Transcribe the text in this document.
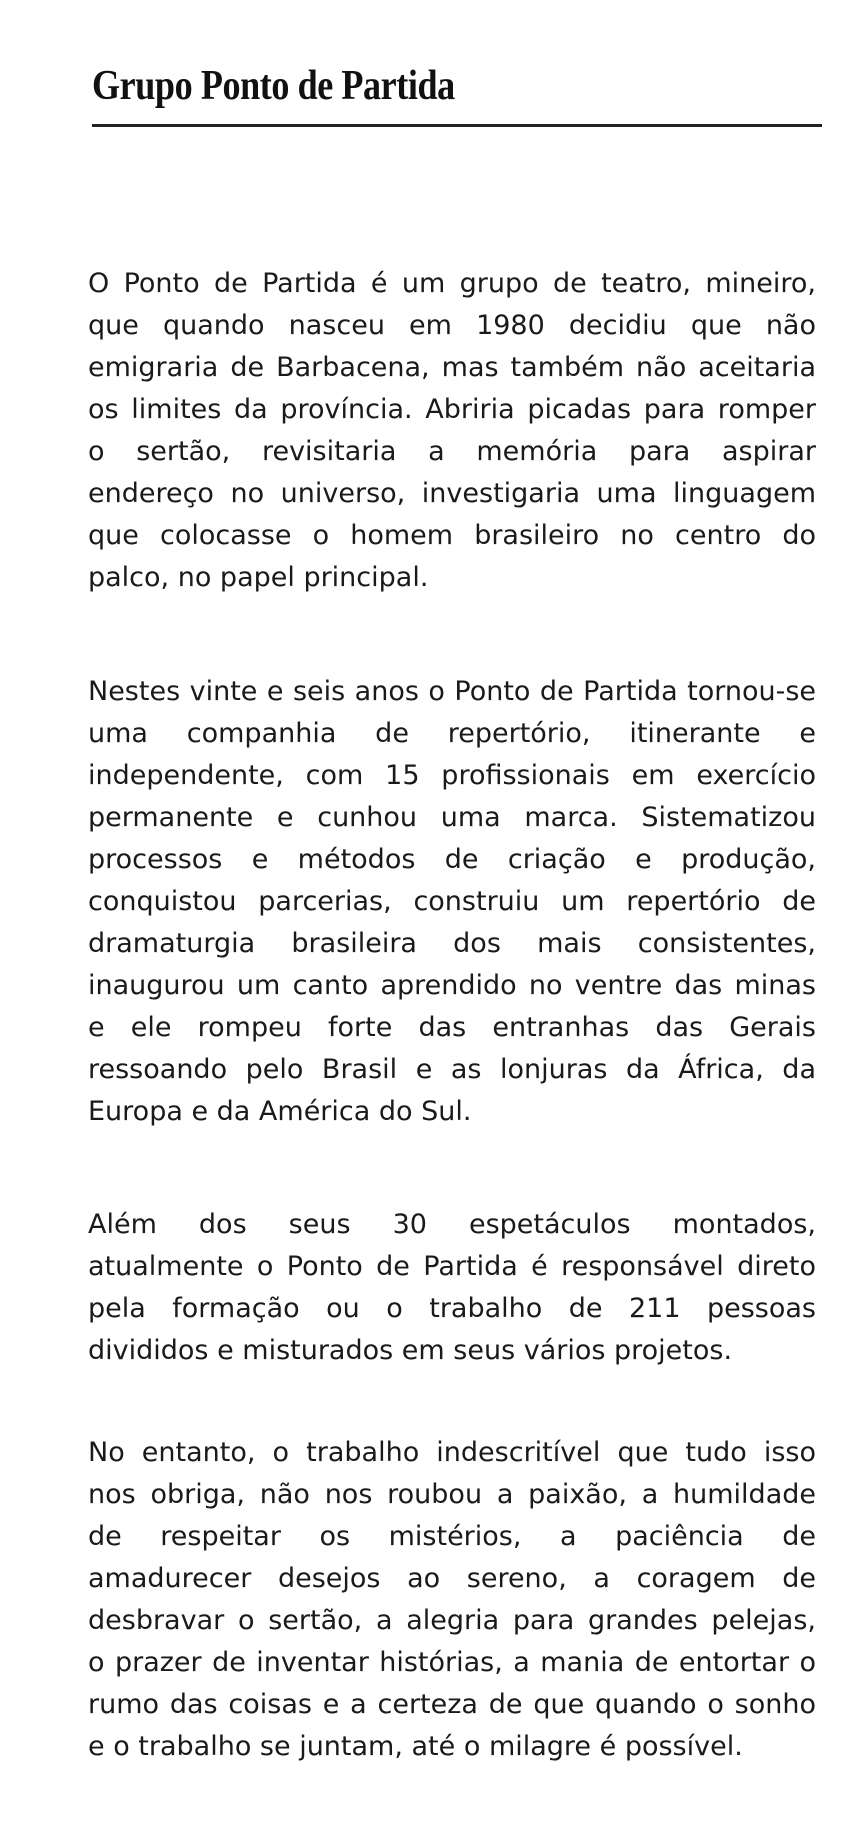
Grupo Ponto de Partida

O Ponto de Partida é um grupo de teatro, mineiro,
que quando nasceu em 1980 decidiu que não
emigraria de Barbacena, mas também não aceitaria
os limites da província. Abriria picadas para romper
o sertão, revisitaria a memória para aspirar
endereço no universo, investigaria uma linguagem
que colocasse o homem brasileiro no centro do
palco, no papel principal.

Nestes vinte e seis anos o Ponto de Partida tornou-se
uma companhia de repertório, itinerante e
independente, com 15 profissionais em exercício
permanente e cunhou uma marca. Sistematizou
processos e métodos de criação e produção,
conquistou parcerias, construiu um repertório de
dramaturgia brasileira dos mais consistentes,
inaugurou um canto aprendido no ventre das minas
e ele rompeu forte das entranhas das Gerais
ressoando pelo Brasil e as lonjuras da África, da
Europa e da América do Sul.

Além dos seus 30 espetáculos montados,
atualmente o Ponto de Partida é responsável direto
pela formação ou o trabalho de 211 pessoas
divididos e misturados em seus vários projetos.

No entanto, o trabalho indescritível que tudo isso
nos obriga, não nos roubou a paixão, a humildade
de respeitar os mistérios, a paciência de
amadurecer desejos ao sereno, a coragem de
desbravar o sertão, a alegria para grandes pelejas,
o prazer de inventar histórias, a mania de entortar o
rumo das coisas e a certeza de que quando o sonho
e o trabalho se juntam, até o milagre é possível.
